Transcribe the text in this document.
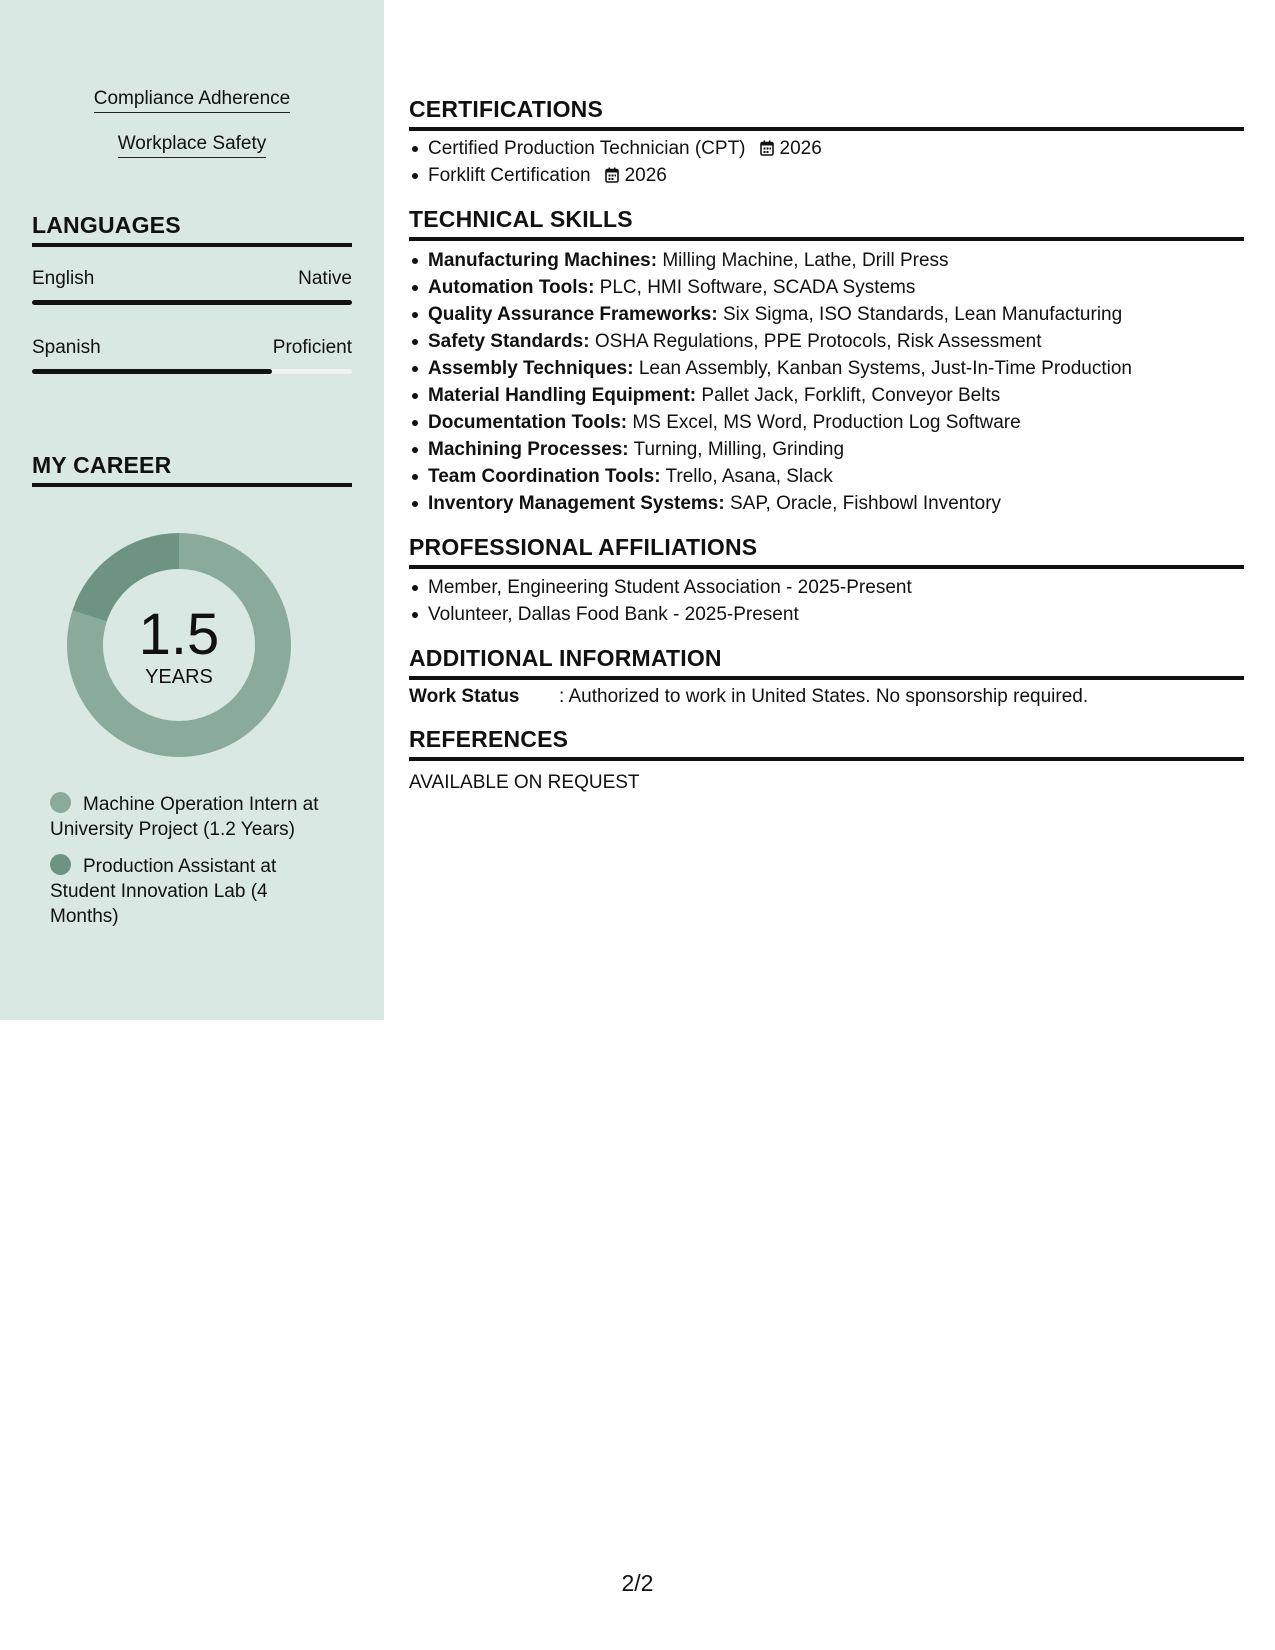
Compliance Adherence
Workplace Safety
LANGUAGES
English	Native
Spanish	Proficient
MY CAREER
1.5
YEARS
Machine Operation Intern at University Project (1.2 Years)
Production Assistant at Student Innovation Lab (4 Months)
CERTIFICATIONS
Certified Production Technician (CPT) 2026
Forklift Certification 2026
TECHNICAL SKILLS
Manufacturing Machines: Milling Machine, Lathe, Drill Press
Automation Tools: PLC, HMI Software, SCADA Systems
Quality Assurance Frameworks: Six Sigma, ISO Standards, Lean Manufacturing
Safety Standards: OSHA Regulations, PPE Protocols, Risk Assessment
Assembly Techniques: Lean Assembly, Kanban Systems, Just-In-Time Production
Material Handling Equipment: Pallet Jack, Forklift, Conveyor Belts
Documentation Tools: MS Excel, MS Word, Production Log Software
Machining Processes: Turning, Milling, Grinding
Team Coordination Tools: Trello, Asana, Slack
Inventory Management Systems: SAP, Oracle, Fishbowl Inventory
PROFESSIONAL AFFILIATIONS
Member, Engineering Student Association - 2025-Present
Volunteer, Dallas Food Bank - 2025-Present
ADDITIONAL INFORMATION
Work Status : Authorized to work in United States. No sponsorship required.
REFERENCES
AVAILABLE ON REQUEST
2/2
